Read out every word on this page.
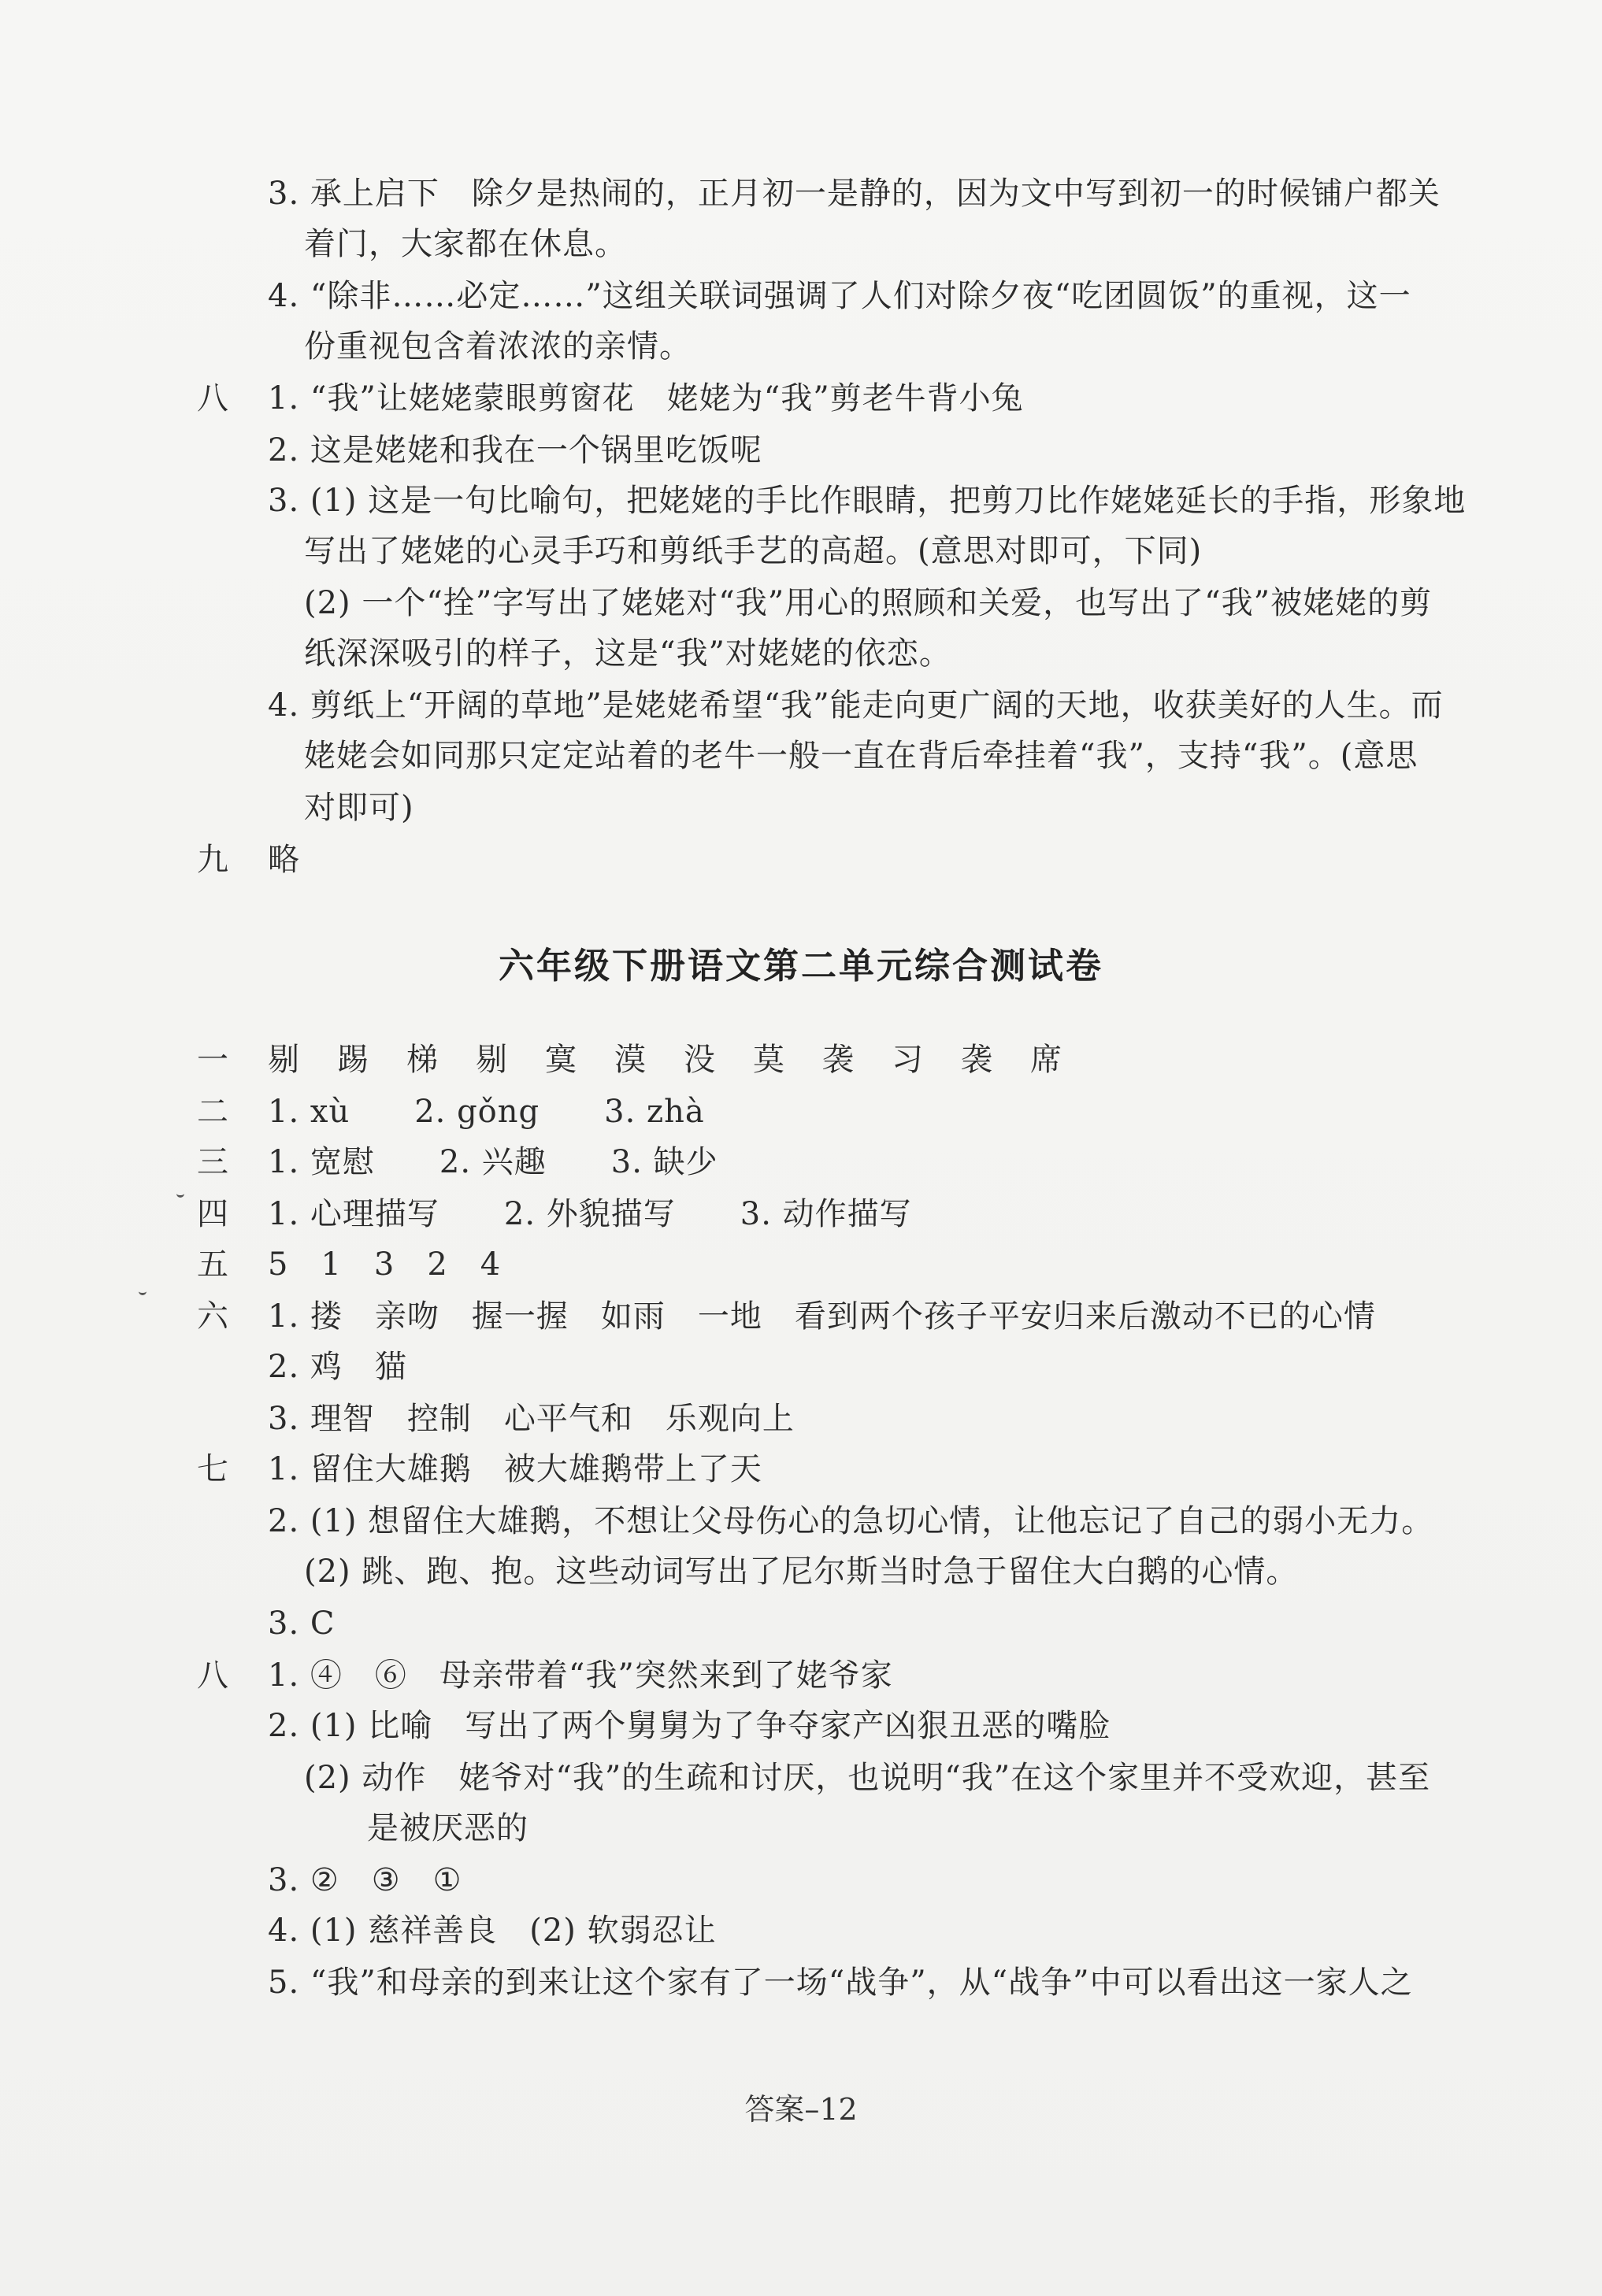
3. 承上启下　除夕是热闹的，正月初一是静的，因为文中写到初一的时候铺户都关
着门，大家都在休息。
4. “除非……必定……”这组关联词强调了人们对除夕夜“吃团圆饭”的重视，这一
份重视包含着浓浓的亲情。
八 1. “我”让姥姥蒙眼剪窗花　姥姥为“我”剪老牛背小兔
2. 这是姥姥和我在一个锅里吃饭呢
3. (1) 这是一句比喻句，把姥姥的手比作眼睛，把剪刀比作姥姥延长的手指，形象地
写出了姥姥的心灵手巧和剪纸手艺的高超。(意思对即可，下同)
(2) 一个“拴”字写出了姥姥对“我”用心的照顾和关爱，也写出了“我”被姥姥的剪
纸深深吸引的样子，这是“我”对姥姥的依恋。
4. 剪纸上“开阔的草地”是姥姥希望“我”能走向更广阔的天地，收获美好的人生。而
姥姥会如同那只定定站着的老牛一般一直在背后牵挂着“我”，支持“我”。(意思
对即可)
九 略
六年级下册语文第二单元综合测试卷
一 剔　踢　梯　剔　寞　漠　没　莫　袭　习　袭　席
二 1. xù　　2. gǒng　　3. zhà
三 1. 宽慰　　2. 兴趣　　3. 缺少
四 1. 心理描写　　2. 外貌描写　　3. 动作描写
五 5　1　3　2　4
六 1. 搂　亲吻　握一握　如雨　一地　看到两个孩子平安归来后激动不已的心情
2. 鸡　猫
3. 理智　控制　心平气和　乐观向上
七 1. 留住大雄鹅　被大雄鹅带上了天
2. (1) 想留住大雄鹅，不想让父母伤心的急切心情，让他忘记了自己的弱小无力。
(2) 跳、跑、抱。这些动词写出了尼尔斯当时急于留住大白鹅的心情。
3. C
八 1. ④　⑥　母亲带着“我”突然来到了姥爷家
2. (1) 比喻　写出了两个舅舅为了争夺家产凶狠丑恶的嘴脸
(2) 动作　姥爷对“我”的生疏和讨厌，也说明“我”在这个家里并不受欢迎，甚至
是被厌恶的
3. ②　③　①
4. (1) 慈祥善良　(2) 软弱忍让
5. “我”和母亲的到来让这个家有了一场“战争”，从“战争”中可以看出这一家人之
答案–12
